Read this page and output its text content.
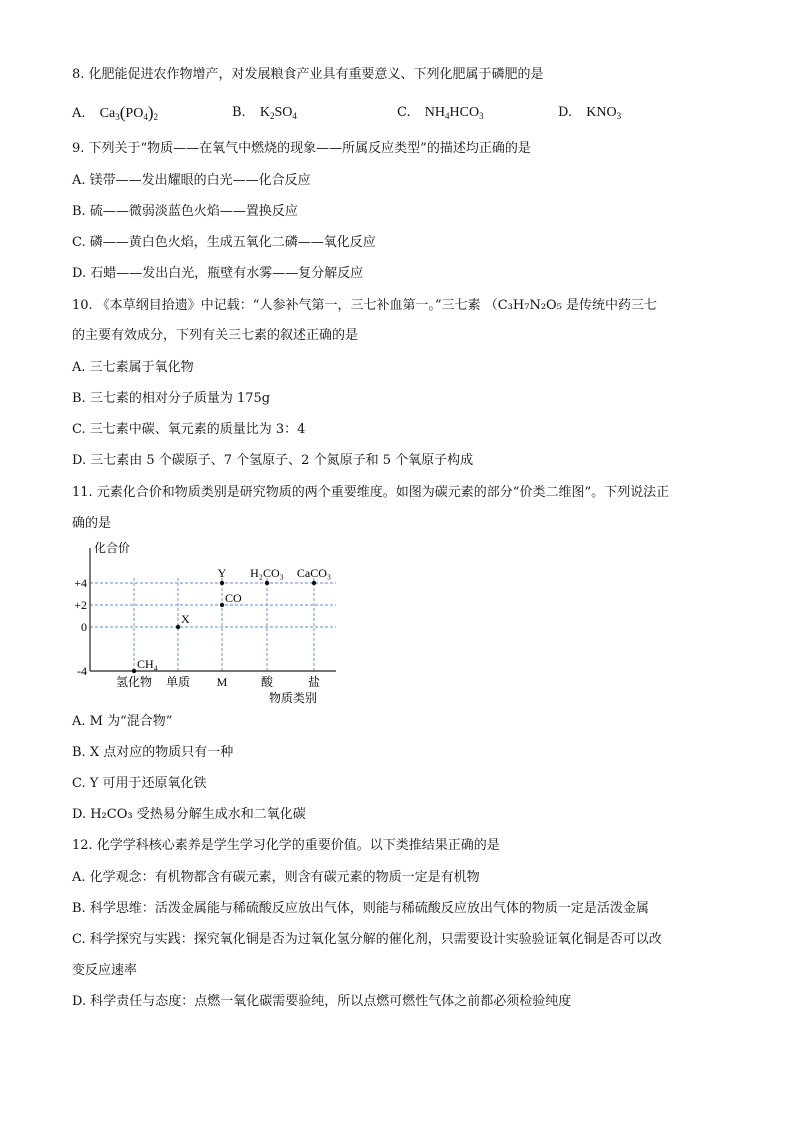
8. 化肥能促进农作物增产，对发展粮食产业具有重要意义、下列化肥属于磷肥的是
A. $Ca_3(PO_4)_2$	B. $K_2SO_4$	C. $NH_4HCO_3$	D. $KNO_3$
9. 下列关于“物质——在氧气中燃烧的现象——所属反应类型”的描述均正确的是
A. 镁带——发出耀眼的白光——化合反应
B. 硫——微弱淡蓝色火焰——置换反应
C. 磷——黄白色火焰，生成五氧化二磷——氧化反应
D. 石蜡——发出白光，瓶壁有水雾——复分解反应
10. 《本草纲目拾遗》中记载：“人参补气第一，三七补血第一。”三七素 （C₃H₇N₂O₅ 是传统中药三七
的主要有效成分，下列有关三七素的叙述正确的是
A. 三七素属于氧化物
B. 三七素的相对分子质量为 175g
C. 三七素中碳、氧元素的质量比为 3：4
D. 三七素由 5 个碳原子、7 个氢原子、2 个氮原子和 5 个氧原子构成
11. 元素化合价和物质类别是研究物质的两个重要维度。如图为碳元素的部分“价类二维图”。下列说法正
确的是
化合价
物质类别
+4
+2
0
-4
氢化物 单质 M	酸	盐
CH₄
X
CO
Y H₂CO₃ CaCO₃
A. M 为“混合物”
B. X 点对应的物质只有一种
C. Y 可用于还原氧化铁
D. H₂CO₃ 受热易分解生成水和二氧化碳
12. 化学学科核心素养是学生学习化学的重要价值。以下类推结果正确的是
A. 化学观念：有机物都含有碳元素，则含有碳元素的物质一定是有机物
B. 科学思维：活泼金属能与稀硫酸反应放出气体，则能与稀硫酸反应放出气体的物质一定是活泼金属
C. 科学探究与实践：探究氧化铜是否为过氧化氢分解的催化剂，只需要设计实验验证氧化铜是否可以改
变反应速率
D. 科学责任与态度：点燃一氧化碳需要验纯，所以点燃可燃性气体之前都必须检验纯度
